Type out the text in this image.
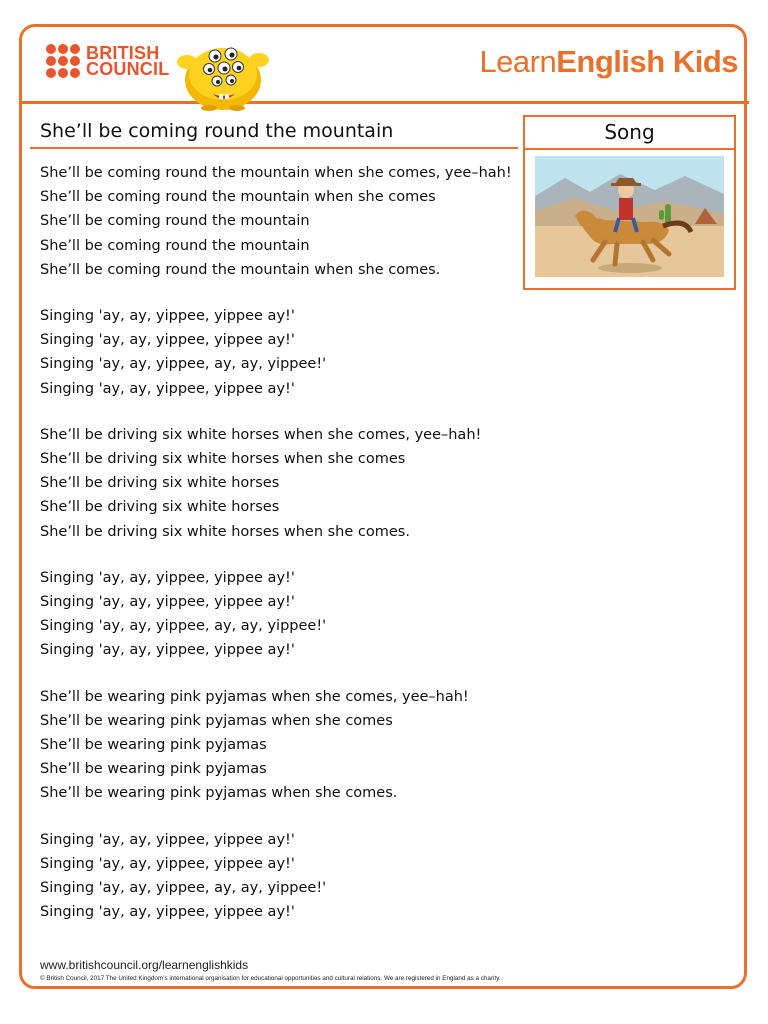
BRITISH
COUNCIL	LearnEnglish Kids
She’ll be coming round the mountain	Song
She’ll be coming round the mountain when she comes, yee–hah!
She’ll be coming round the mountain when she comes
She’ll be coming round the mountain
She’ll be coming round the mountain
She’ll be coming round the mountain when she comes.
Singing 'ay, ay, yippee, yippee ay!'
Singing 'ay, ay, yippee, yippee ay!'
Singing 'ay, ay, yippee, ay, ay, yippee!'
Singing 'ay, ay, yippee, yippee ay!'
She’ll be driving six white horses when she comes, yee–hah!
She’ll be driving six white horses when she comes
She’ll be driving six white horses
She’ll be driving six white horses
She’ll be driving six white horses when she comes.
Singing 'ay, ay, yippee, yippee ay!'
Singing 'ay, ay, yippee, yippee ay!'
Singing 'ay, ay, yippee, ay, ay, yippee!'
Singing 'ay, ay, yippee, yippee ay!'
She’ll be wearing pink pyjamas when she comes, yee–hah!
She’ll be wearing pink pyjamas when she comes
She’ll be wearing pink pyjamas
She’ll be wearing pink pyjamas
She’ll be wearing pink pyjamas when she comes.
Singing 'ay, ay, yippee, yippee ay!'
Singing 'ay, ay, yippee, yippee ay!'
Singing 'ay, ay, yippee, ay, ay, yippee!'
Singing 'ay, ay, yippee, yippee ay!'
www.britishcouncil.org/learnenglishkids
© British Council, 2017 The United Kingdom’s international organisation for educational opportunities and cultural relations. We are registered in England as a charity.
